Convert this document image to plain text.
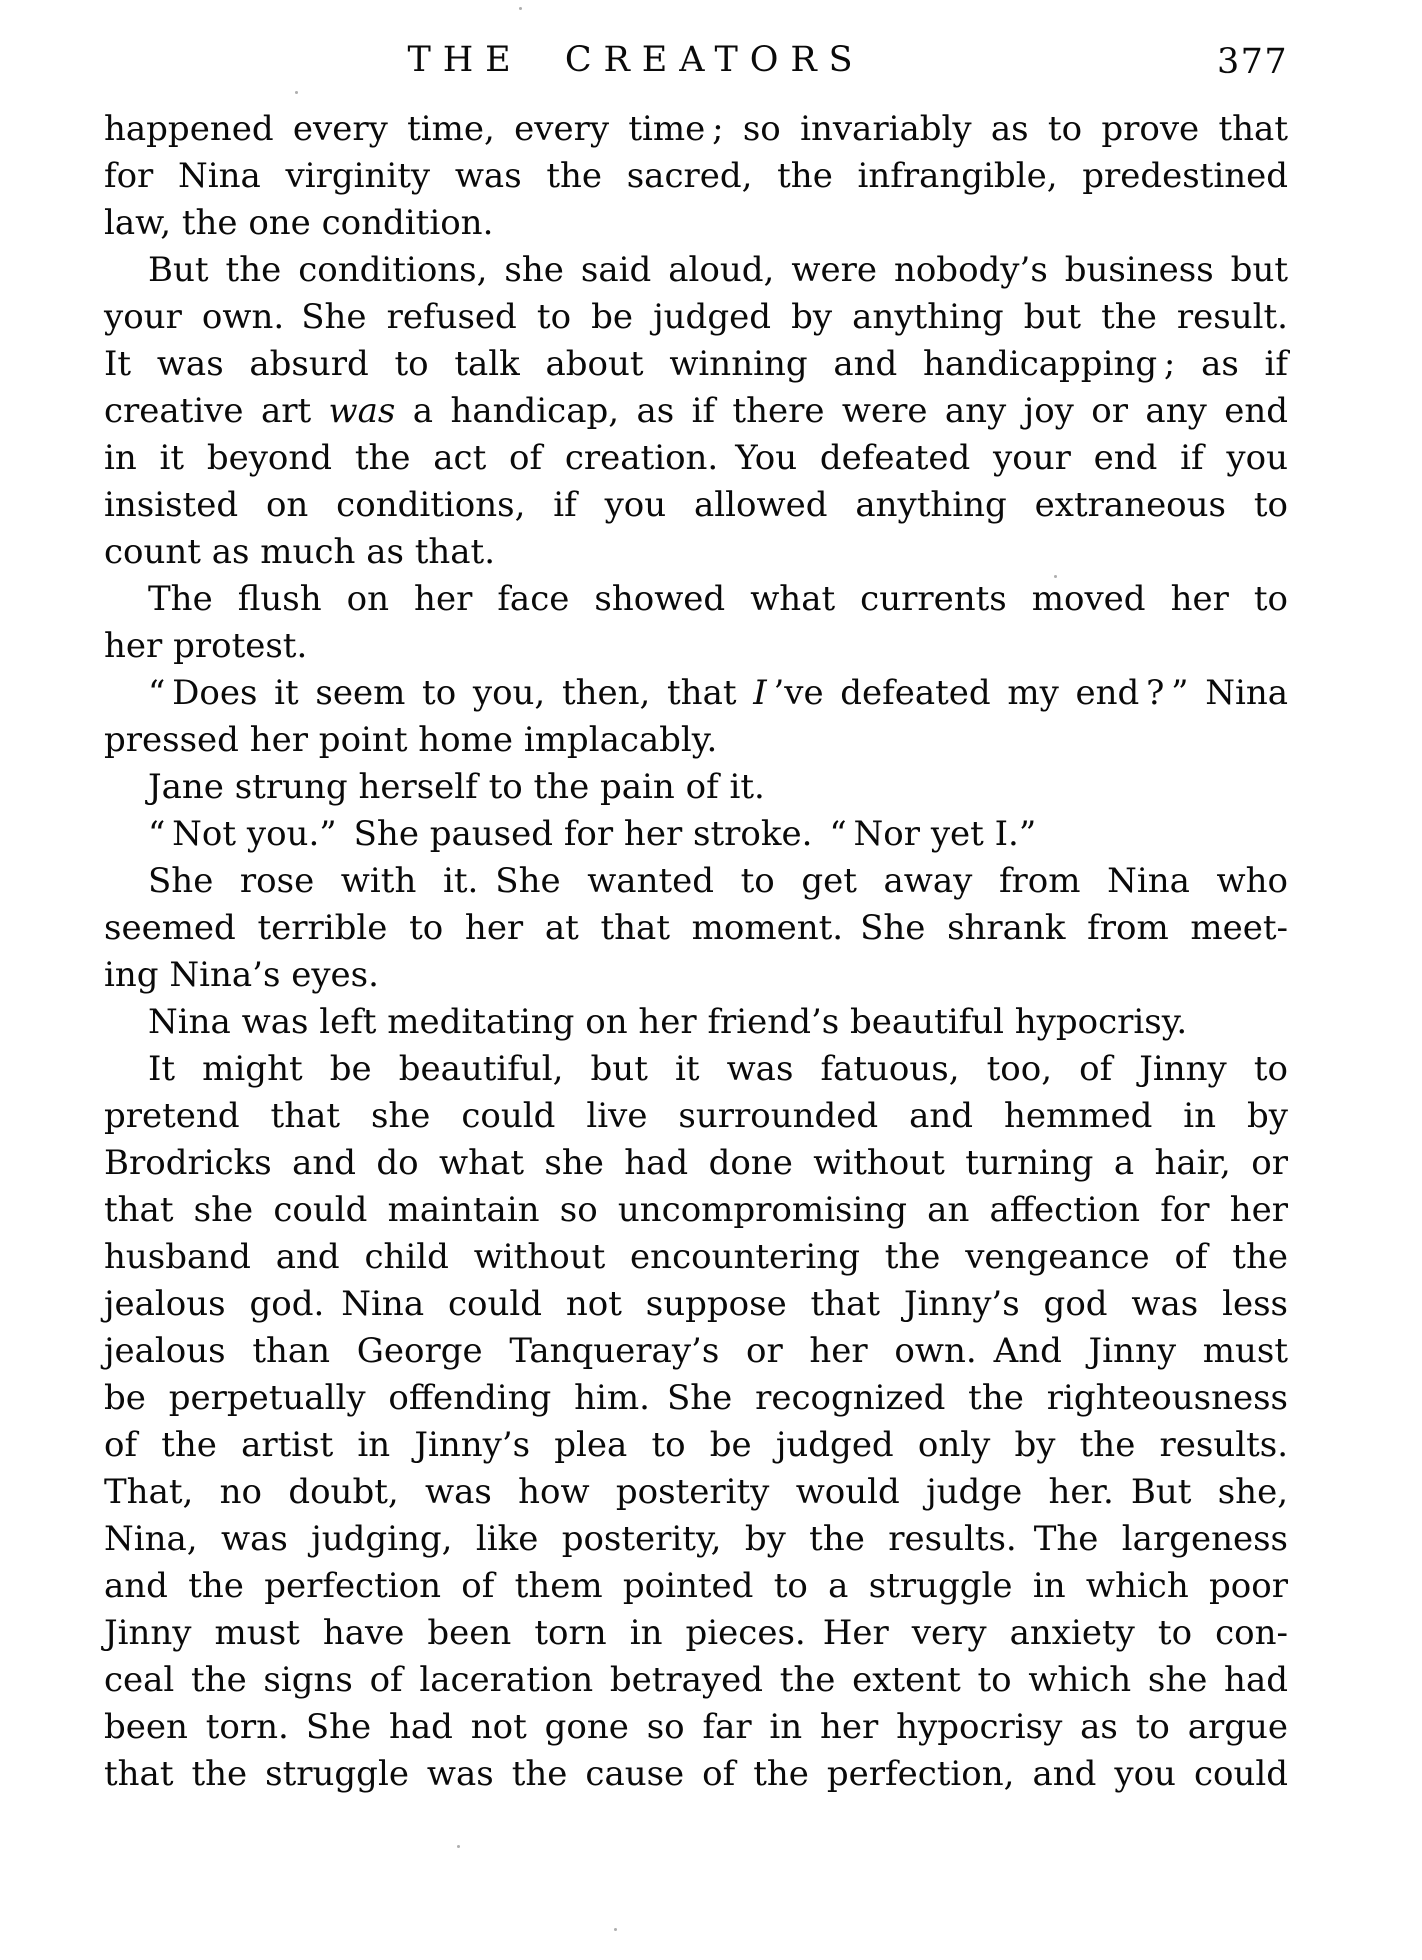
THE CREATORS	377
happened every time, every time ; so invariably as to prove that
for Nina virginity was the sacred, the infrangible, predestined
law, the one condition.
But the conditions, she said aloud, were nobody’s business but
your own. She refused to be judged by anything but the result.
It was absurd to talk about winning and handicapping ; as if
creative art was a handicap, as if there were any joy or any end
in it beyond the act of creation. You defeated your end if you
insisted on conditions, if you allowed anything extraneous to
count as much as that.
The flush on her face showed what currents moved her to
her protest.
“ Does it seem to you, then, that I ’ve defeated my end ? ” Nina
pressed her point home implacably.
Jane strung herself to the pain of it.
“ Not you.” She paused for her stroke. “ Nor yet I.”
She rose with it. She wanted to get away from Nina who
seemed terrible to her at that moment. She shrank from meet-
ing Nina’s eyes.
Nina was left meditating on her friend’s beautiful hypocrisy.
It might be beautiful, but it was fatuous, too, of Jinny to
pretend that she could live surrounded and hemmed in by
Brodricks and do what she had done without turning a hair, or
that she could maintain so uncompromising an affection for her
husband and child without encountering the vengeance of the
jealous god. Nina could not suppose that Jinny’s god was less
jealous than George Tanqueray’s or her own. And Jinny must
be perpetually offending him. She recognized the righteousness
of the artist in Jinny’s plea to be judged only by the results.
That, no doubt, was how posterity would judge her. But she,
Nina, was judging, like posterity, by the results. The largeness
and the perfection of them pointed to a struggle in which poor
Jinny must have been torn in pieces. Her very anxiety to con-
ceal the signs of laceration betrayed the extent to which she had
been torn. She had not gone so far in her hypocrisy as to argue
that the struggle was the cause of the perfection, and you could
